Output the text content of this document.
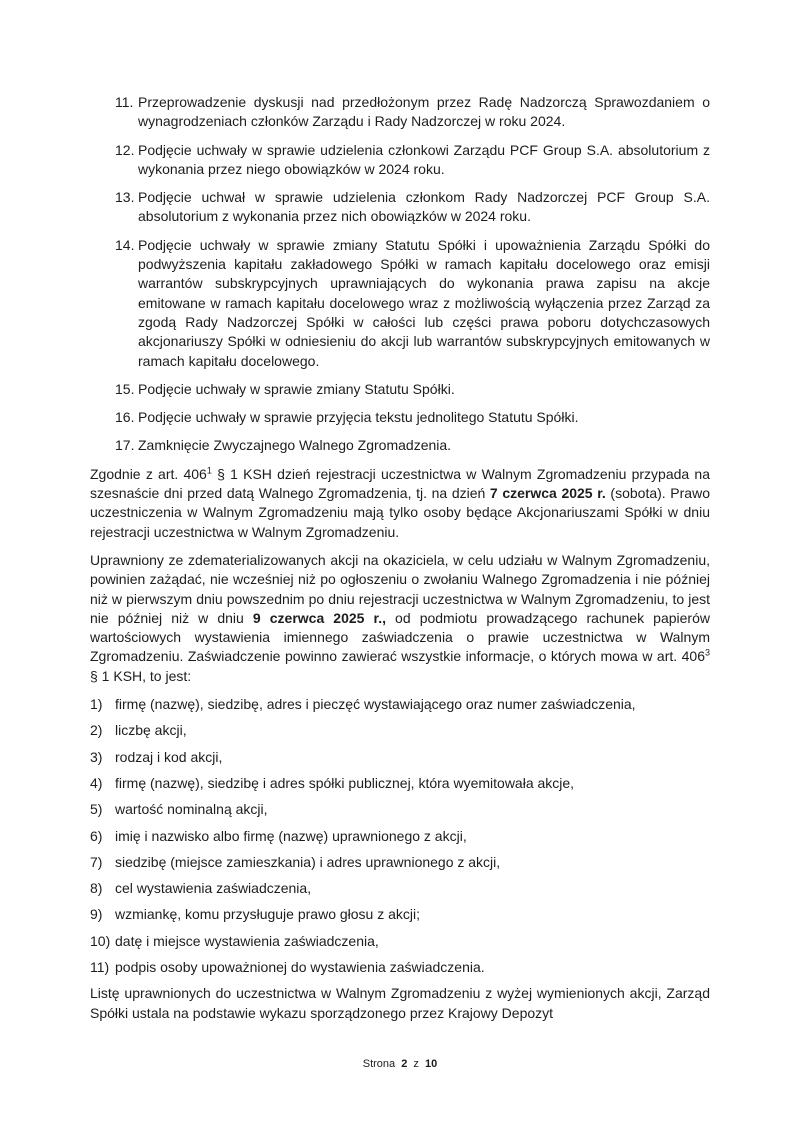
11. Przeprowadzenie dyskusji nad przedłożonym przez Radę Nadzorczą Sprawozdaniem o wynagrodzeniach członków Zarządu i Rady Nadzorczej w roku 2024.
12. Podjęcie uchwały w sprawie udzielenia członkowi Zarządu PCF Group S.A. absolutorium z wykonania przez niego obowiązków w 2024 roku.
13. Podjęcie uchwał w sprawie udzielenia członkom Rady Nadzorczej PCF Group S.A. absolutorium z wykonania przez nich obowiązków w 2024 roku.
14. Podjęcie uchwały w sprawie zmiany Statutu Spółki i upoważnienia Zarządu Spółki do podwyższenia kapitału zakładowego Spółki w ramach kapitału docelowego oraz emisji warrantów subskrypcyjnych uprawniających do wykonania prawa zapisu na akcje emitowane w ramach kapitału docelowego wraz z możliwością wyłączenia przez Zarząd za zgodą Rady Nadzorczej Spółki w całości lub części prawa poboru dotychczasowych akcjonariuszy Spółki w odniesieniu do akcji lub warrantów subskrypcyjnych emitowanych w ramach kapitału docelowego.
15. Podjęcie uchwały w sprawie zmiany Statutu Spółki.
16. Podjęcie uchwały w sprawie przyjęcia tekstu jednolitego Statutu Spółki.
17. Zamknięcie Zwyczajnego Walnego Zgromadzenia.

Zgodnie z art. 406$^1$ § 1 KSH dzień rejestracji uczestnictwa w Walnym Zgromadzeniu przypada na szesnaście dni przed datą Walnego Zgromadzenia, tj. na dzień 7 czerwca 2025 r. (sobota). Prawo uczestniczenia w Walnym Zgromadzeniu mają tylko osoby będące Akcjonariuszami Spółki w dniu rejestracji uczestnictwa w Walnym Zgromadzeniu.

Uprawniony ze zdematerializowanych akcji na okaziciela, w celu udziału w Walnym Zgromadzeniu, powinien zażądać, nie wcześniej niż po ogłoszeniu o zwołaniu Walnego Zgromadzenia i nie później niż w pierwszym dniu powszednim po dniu rejestracji uczestnictwa w Walnym Zgromadzeniu, to jest nie później niż w dniu 9 czerwca 2025 r., od podmiotu prowadzącego rachunek papierów wartościowych wystawienia imiennego zaświadczenia o prawie uczestnictwa w Walnym Zgromadzeniu. Zaświadczenie powinno zawierać wszystkie informacje, o których mowa w art. 406$^3$ § 1 KSH, to jest:

1) firmę (nazwę), siedzibę, adres i pieczęć wystawiającego oraz numer zaświadczenia,
2) liczbę akcji,
3) rodzaj i kod akcji,
4) firmę (nazwę), siedzibę i adres spółki publicznej, która wyemitowała akcje,
5) wartość nominalną akcji,
6) imię i nazwisko albo firmę (nazwę) uprawnionego z akcji,
7) siedzibę (miejsce zamieszkania) i adres uprawnionego z akcji,
8) cel wystawienia zaświadczenia,
9) wzmiankę, komu przysługuje prawo głosu z akcji;
10) datę i miejsce wystawienia zaświadczenia,
11) podpis osoby upoważnionej do wystawienia zaświadczenia.

Listę uprawnionych do uczestnictwa w Walnym Zgromadzeniu z wyżej wymienionych akcji, Zarząd Spółki ustala na podstawie wykazu sporządzonego przez Krajowy Depozyt

Strona 2 z 10
